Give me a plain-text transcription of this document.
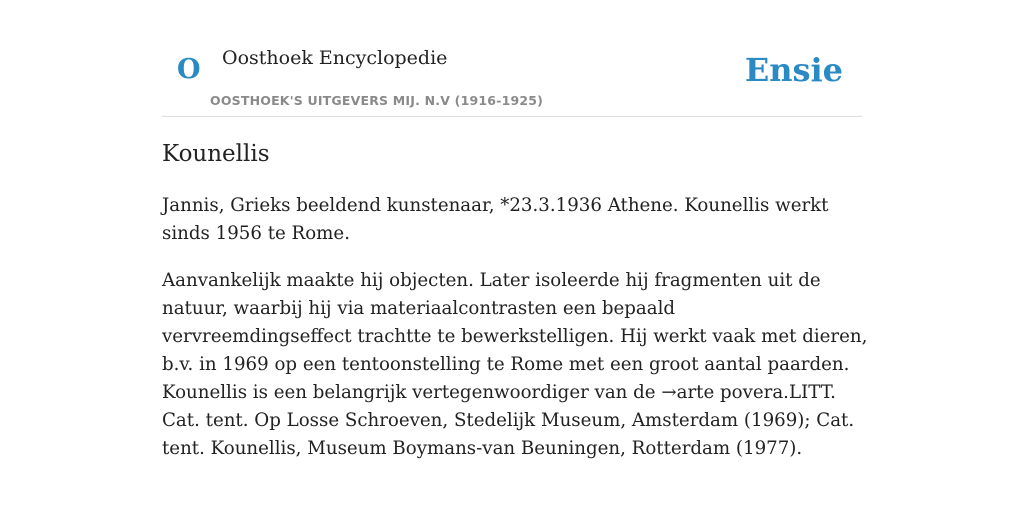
O Oosthoek Encyclopedie
OOSTHOEK'S UITGEVERS MIJ. N.V (1916-1925)
Ensie
Kounellis

Jannis, Grieks beeldend kunstenaar, *23.3.1936 Athene. Kounellis werkt sinds 1956 te Rome.

Aanvankelijk maakte hij objecten. Later isoleerde hij fragmenten uit de natuur, waarbij hij via materiaalcontrasten een bepaald vervreemdingseffect trachtte te bewerkstelligen. Hij werkt vaak met dieren, b.v. in 1969 op een tentoonstelling te Rome met een groot aantal paarden. Kounellis is een belangrijk vertegenwoordiger van de →arte povera.LITT. Cat. tent. Op Losse Schroeven, Stedelijk Museum, Amsterdam (1969); Cat. tent. Kounellis, Museum Boymans-van Beuningen, Rotterdam (1977).
